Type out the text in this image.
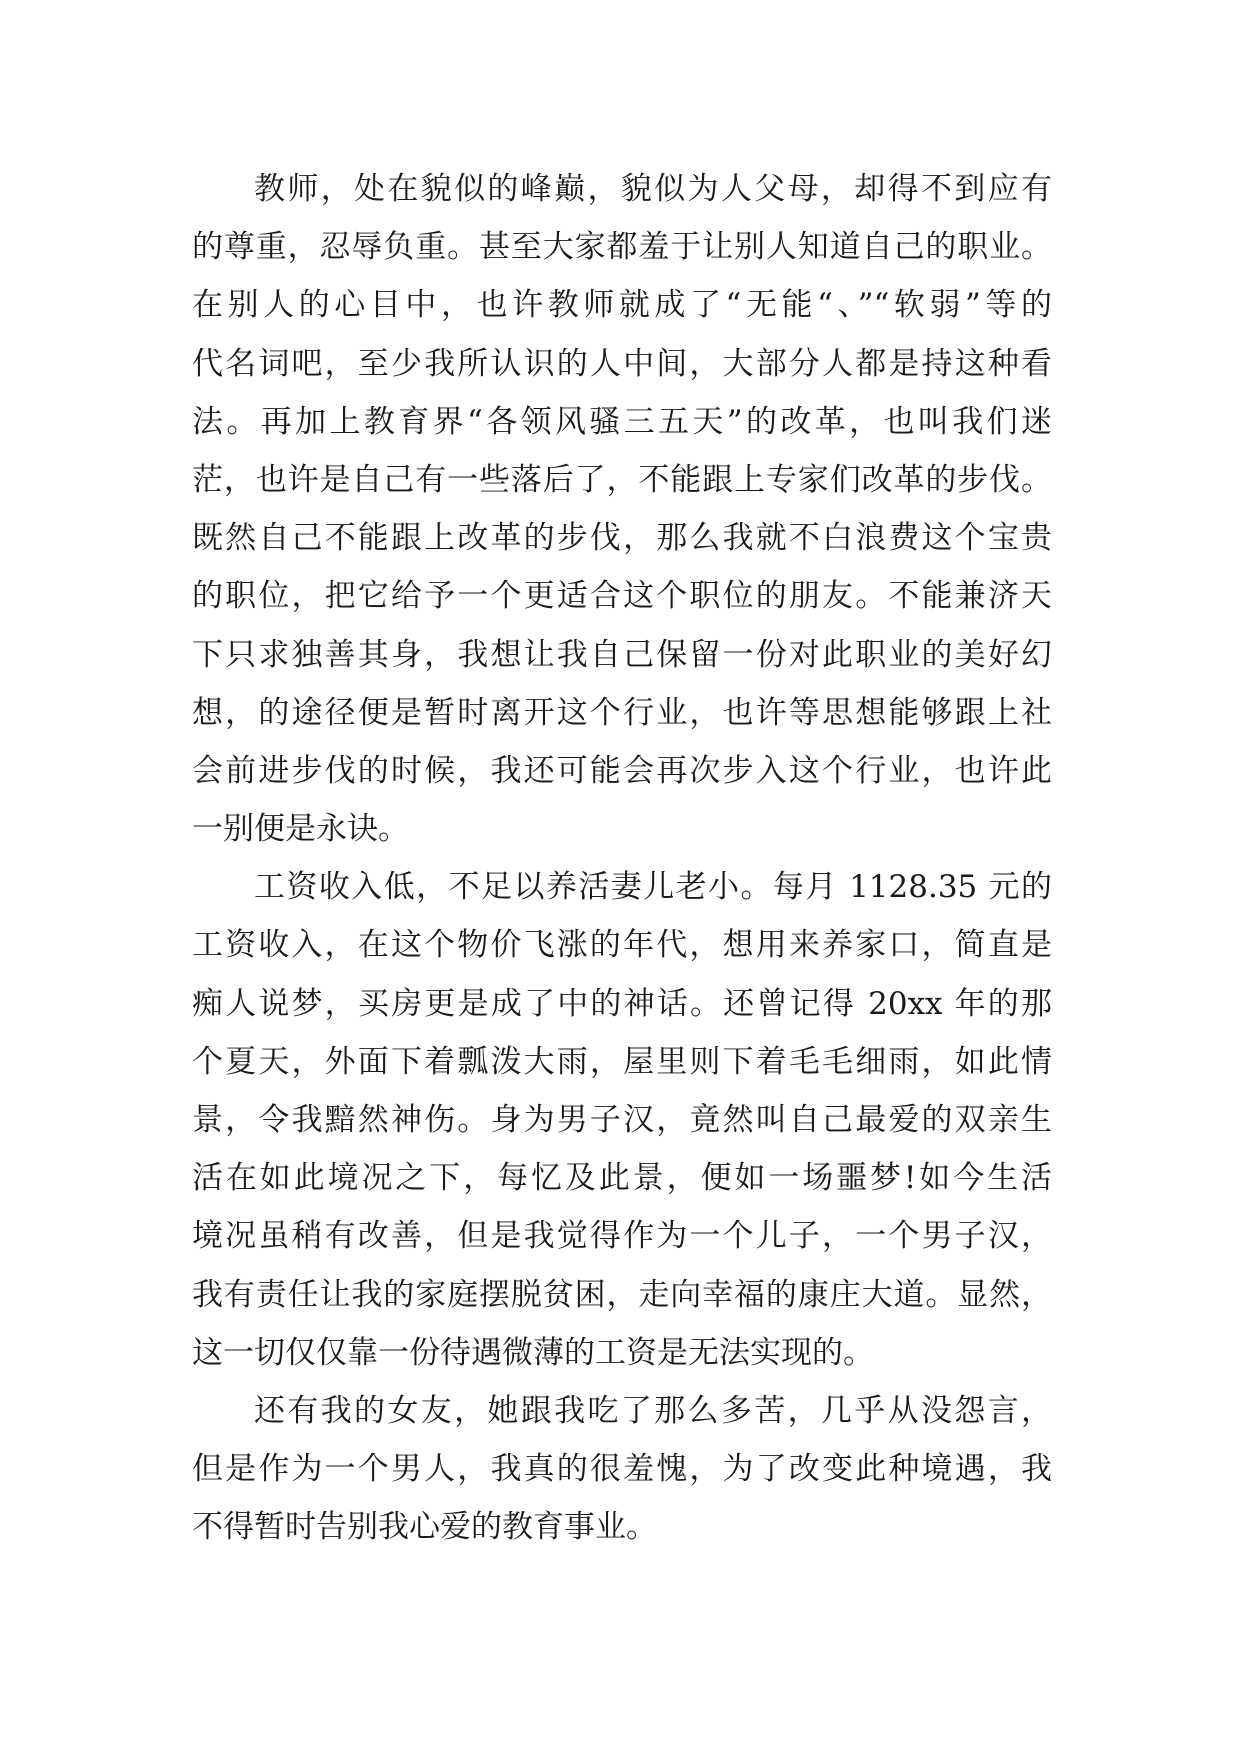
教师，处在貌似的峰巅，貌似为人父母，却得不到应有
的尊重，忍辱负重。甚至大家都羞于让别人知道自己的职业。
在别人的心目中，也许教师就成了“无能“、”“软弱”等的
代名词吧，至少我所认识的人中间，大部分人都是持这种看
法。再加上教育界“各领风骚三五天”的改革，也叫我们迷
茫，也许是自己有一些落后了，不能跟上专家们改革的步伐。
既然自己不能跟上改革的步伐，那么我就不白浪费这个宝贵
的职位，把它给予一个更适合这个职位的朋友。不能兼济天
下只求独善其身，我想让我自己保留一份对此职业的美好幻
想，的途径便是暂时离开这个行业，也许等思想能够跟上社
会前进步伐的时候，我还可能会再次步入这个行业，也许此
一别便是永诀。
工资收入低，不足以养活妻儿老小。每月 1128.35 元的
工资收入，在这个物价飞涨的年代，想用来养家口，简直是
痴人说梦，买房更是成了中的神话。还曾记得 20xx 年的那
个夏天，外面下着瓢泼大雨，屋里则下着毛毛细雨，如此情
景，令我黯然神伤。身为男子汉，竟然叫自己最爱的双亲生
活在如此境况之下，每忆及此景，便如一场噩梦!如今生活
境况虽稍有改善，但是我觉得作为一个儿子，一个男子汉，
我有责任让我的家庭摆脱贫困，走向幸福的康庄大道。显然，
这一切仅仅靠一份待遇微薄的工资是无法实现的。
还有我的女友，她跟我吃了那么多苦，几乎从没怨言，
但是作为一个男人，我真的很羞愧，为了改变此种境遇，我
不得暂时告别我心爱的教育事业。
